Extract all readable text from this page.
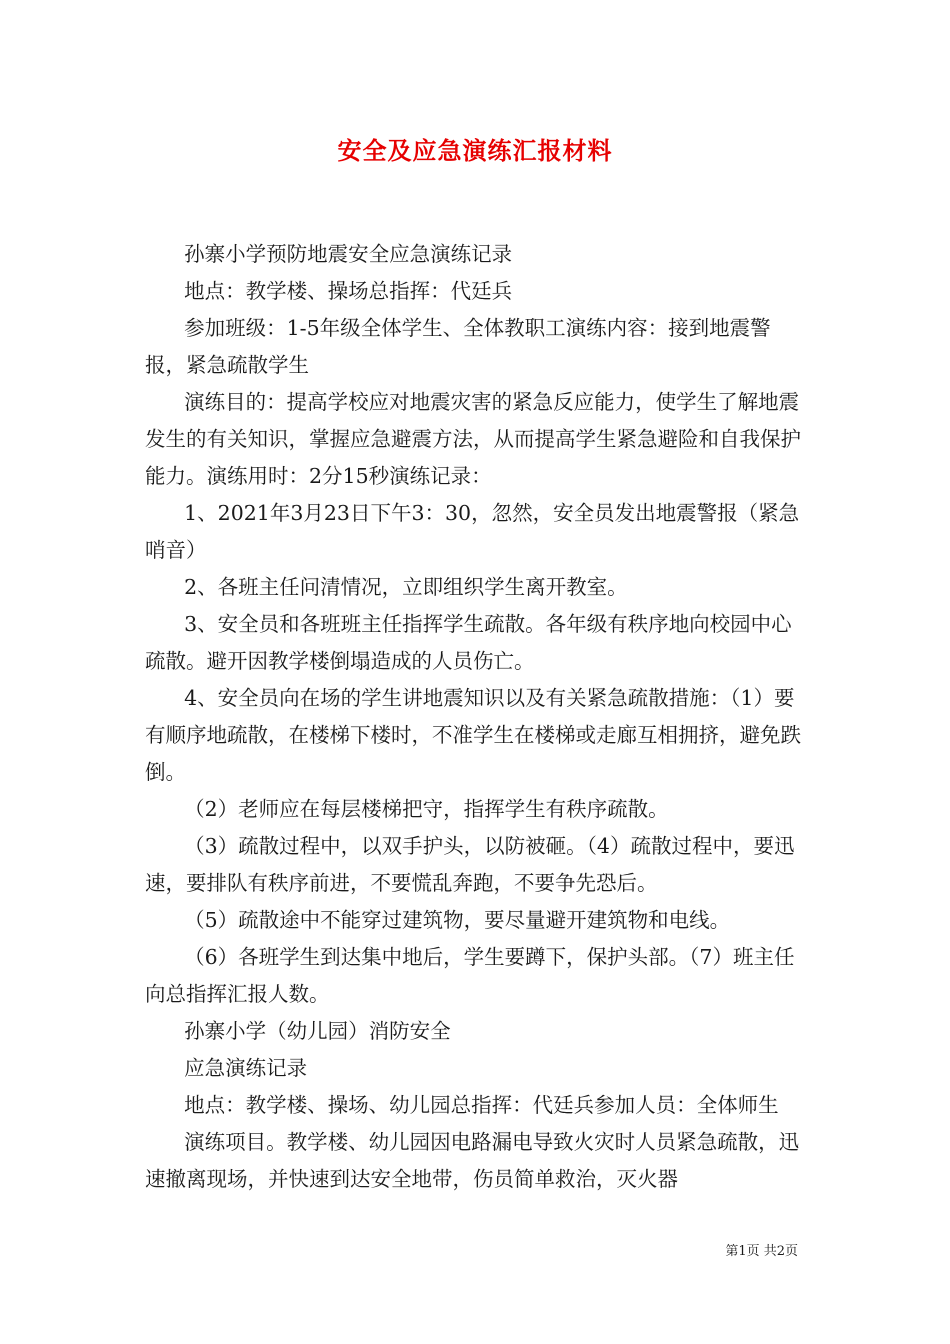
安全及应急演练汇报材料

孙寨小学预防地震安全应急演练记录

地点：教学楼、操场总指挥：代廷兵

参加班级：1-5年级全体学生、全体教职工演练内容：接到地震警报，紧急疏散学生

演练目的：提高学校应对地震灾害的紧急反应能力，使学生了解地震发生的有关知识，掌握应急避震方法，从而提高学生紧急避险和自我保护能力。演练用时：2分15秒演练记录：

1、2021年3月23日下午3：30，忽然，安全员发出地震警报（紧急哨音）

2、各班主任问清情况，立即组织学生离开教室。

3、安全员和各班班主任指挥学生疏散。各年级有秩序地向校园中心疏散。避开因教学楼倒塌造成的人员伤亡。

4、安全员向在场的学生讲地震知识以及有关紧急疏散措施：（1）要有顺序地疏散，在楼梯下楼时，不准学生在楼梯或走廊互相拥挤，避免跌倒。

（2）老师应在每层楼梯把守，指挥学生有秩序疏散。

（3）疏散过程中，以双手护头，以防被砸。（4）疏散过程中，要迅速，要排队有秩序前进，不要慌乱奔跑，不要争先恐后。

（5）疏散途中不能穿过建筑物，要尽量避开建筑物和电线。

（6）各班学生到达集中地后，学生要蹲下，保护头部。（7）班主任向总指挥汇报人数。

孙寨小学（幼儿园）消防安全

应急演练记录

地点：教学楼、操场、幼儿园总指挥：代廷兵参加人员：全体师生

演练项目。教学楼、幼儿园因电路漏电导致火灾时人员紧急疏散，迅速撤离现场，并快速到达安全地带，伤员简单救治，灭火器

第1页 共2页
